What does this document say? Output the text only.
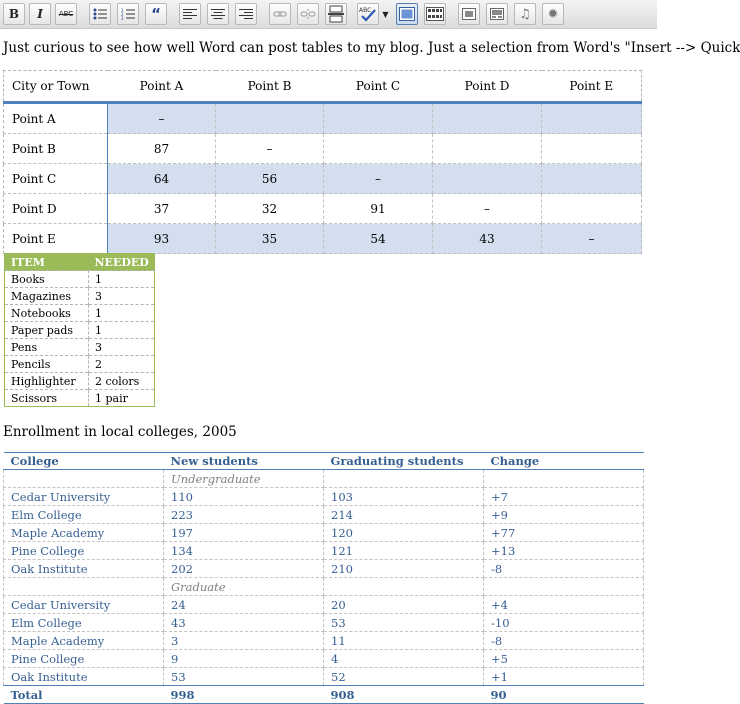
B I ABC	1
2
3 “	ABC ▼	♫ ✹
Just curious to see how well Word can post tables to my blog. Just a selection from Word's "Insert --> Quick
City or Town	Point A	Point B	Point C	Point D	Point E
Point A	–				
Point B	87	–			
Point C	64	56	–		
Point D	37	32	91	–	
Point E	93	35	54	43	–
ITEM	NEEDED
Books	1
Magazines	3
Notebooks	1
Paper pads	1
Pens	3
Pencils	2
Highlighter	2 colors
Scissors	1 pair
Enrollment in local colleges, 2005
College	New students	Graduating students	Change
	Undergraduate		
Cedar University	110	103	+7
Elm College	223	214	+9
Maple Academy	197	120	+77
Pine College	134	121	+13
Oak Institute	202	210	-8
	Graduate		
Cedar University	24	20	+4
Elm College	43	53	-10
Maple Academy	3	11	-8
Pine College	9	4	+5
Oak Institute	53	52	+1
Total	998	908	90
